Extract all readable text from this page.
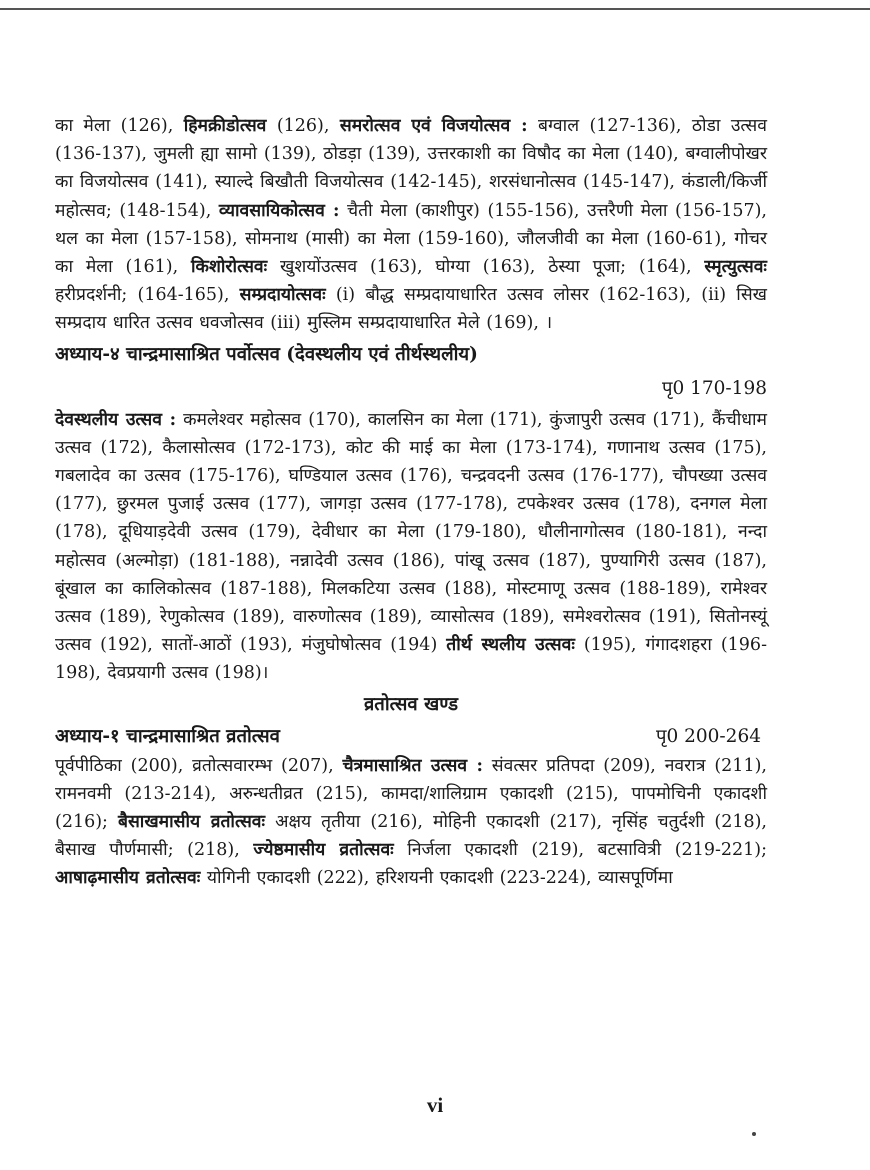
का मेला (126), हिमक्रीडोत्सव (126), समरोत्सव एवं विजयोत्सव : बग्वाल (127-136), ठोडा उत्सव (136-137), जुमली ह्या सामो (139), ठोडड़ा (139), उत्तरकाशी का विषौद का मेला (140), बग्वालीपोखर का विजयोत्सव (141), स्याल्दे बिखौती विजयोत्सव (142-145), शरसंधानोत्सव (145-147), कंडाली/किर्जी महोत्सव; (148-154), व्यावसायिकोत्सव : चैती मेला (काशीपुर) (155-156), उत्तरैणी मेला (156-157), थल का मेला (157-158), सोमनाथ (मासी) का मेला (159-160), जौलजीवी का मेला (160-61), गोचर का मेला (161), किशोरोत्सवः खुशयोंउत्सव (163), घोग्या (163), ठेस्या पूजा; (164), स्मृत्युत्सवः हरीप्रदर्शनी; (164-165), सम्प्रदायोत्सवः (i) बौद्ध सम्प्रदायाधारित उत्सव लोसर (162-163), (ii) सिख सम्प्रदाय धारित उत्सव धवजोत्सव (iii) मुस्लिम सम्प्रदायाधारित मेले (169), ।

अध्याय-४ चान्द्रमासाश्रित पर्वोत्सव (देवस्थलीय एवं तीर्थस्थलीय)
पृ0 170-198

देवस्थलीय उत्सव : कमलेश्वर महोत्सव (170), कालसिन का मेला (171), कुंजापुरी उत्सव (171), कैंचीधाम उत्सव (172), कैलासोत्सव (172-173), कोट की माई का मेला (173-174), गणानाथ उत्सव (175), गबलादेव का उत्सव (175-176), घण्डियाल उत्सव (176), चन्द्रवदनी उत्सव (176-177), चौपख्या उत्सव (177), छुरमल पुजाई उत्सव (177), जागड़ा उत्सव (177-178), टपकेश्वर उत्सव (178), दनगल मेला (178), दूधियाड़देवी उत्सव (179), देवीधार का मेला (179-180), धौलीनागोत्सव (180-181), नन्दा महोत्सव (अल्मोड़ा) (181-188), नन्नादेवी उत्सव (186), पांखू उत्सव (187), पुण्यागिरी उत्सव (187), बूंखाल का कालिकोत्सव (187-188), मिलकटिया उत्सव (188), मोस्टमाणू उत्सव (188-189), रामेश्वर उत्सव (189), रेणुकोत्सव (189), वारुणोत्सव (189), व्यासोत्सव (189), समेश्वरोत्सव (191), सितोनस्यूं उत्सव (192), सातों-आठों (193), मंजुघोषोत्सव (194) तीर्थ स्थलीय उत्सवः (195), गंगादशहरा (196-198), देवप्रयागी उत्सव (198)।

व्रतोत्सव खण्ड
अध्याय-१ चान्द्रमासाश्रित व्रतोत्सव	पृ0 200-264

पूर्वपीठिका (200), व्रतोत्सवारम्भ (207), चैत्रमासाश्रित उत्सव : संवत्सर प्रतिपदा (209), नवरात्र (211), रामनवमी (213-214), अरुन्धतीव्रत (215), कामदा/शालिग्राम एकादशी (215), पापमोचिनी एकादशी (216); बैसाखमासीय व्रतोत्सवः अक्षय तृतीया (216), मोहिनी एकादशी (217), नृसिंह चतुर्दशी (218), बैसाख पौर्णमासी; (218), ज्येष्ठमासीय व्रतोत्सवः निर्जला एकादशी (219), बटसावित्री (219-221); आषाढ़मासीय व्रतोत्सवः योगिनी एकादशी (222), हरिशयनी एकादशी (223-224), व्यासपूर्णिमा

vi
